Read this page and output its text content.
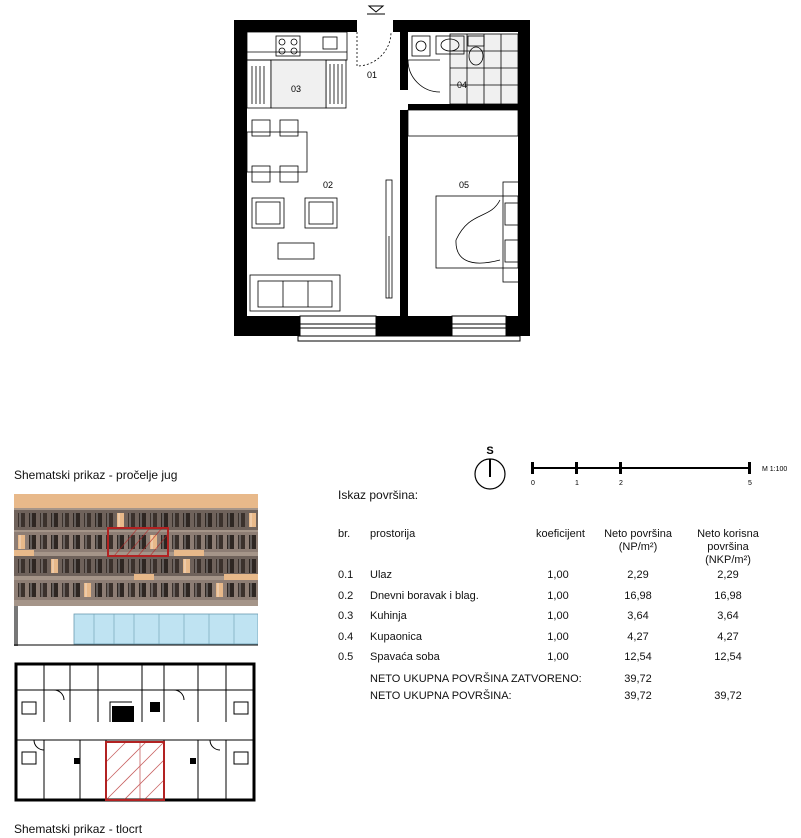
01
02
03	04
05
S
0	1	2	5
M 1:100
Shematski prikaz - pročelje jug
Shematski prikaz - tlocrt
Iskaz površina:
br. prostorija	koeficijent	Neto površina
(NP/m²)
Neto korisna
površina
(NKP/m²)
0.1 Ulaz	1,00	2,29	2,29
0.2 Dnevni boravak i blag.	1,00	16,98	16,98
0.3 Kuhinja	1,00	3,64	3,64
0.4 Kupaonica	1,00	4,27	4,27
0.5 Spavaća soba	1,00	12,54	12,54
NETO UKUPNA POVRŠINA ZATVORENO:	39,72
NETO UKUPNA POVRŠINA:	39,72	39,72
